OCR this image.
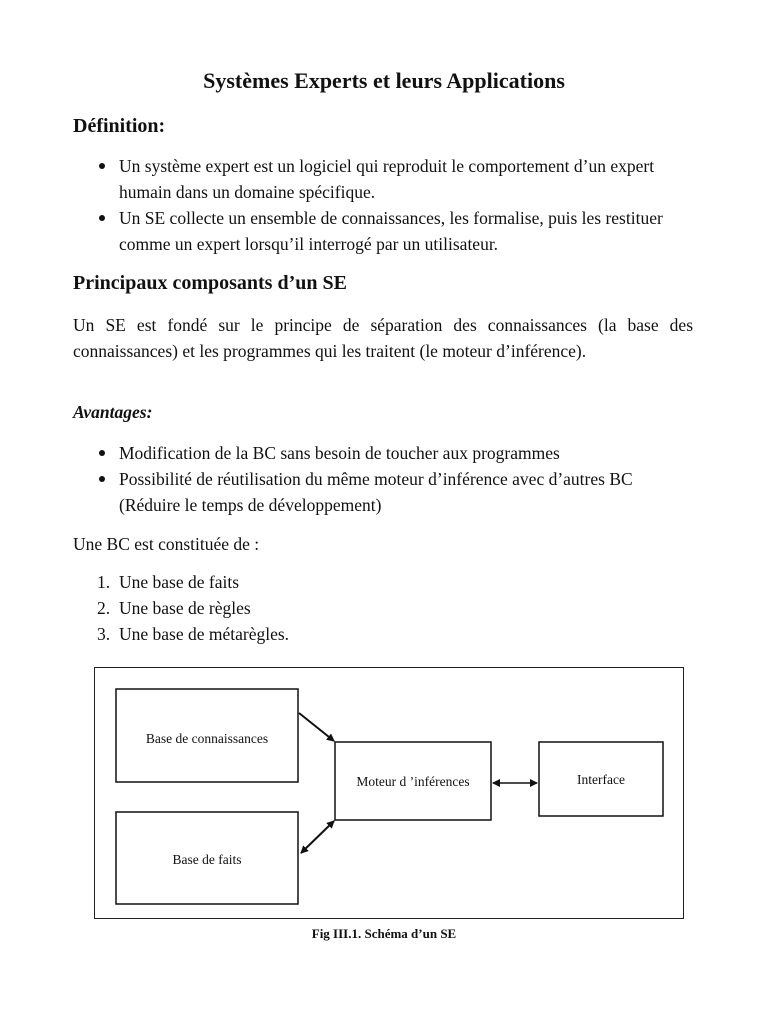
Systèmes Experts et leurs Applications
Définition:
Un système expert est un logiciel qui reproduit le comportement d’un expert humain dans un domaine spécifique.
Un SE collecte un ensemble de connaissances, les formalise, puis les restituer comme un expert lorsqu’il interrogé par un utilisateur.
Principaux composants d’un SE

Un SE est fondé sur le principe de séparation des connaissances (la base des connaissances) et les programmes qui les traitent (le moteur d’inférence).

Avantages:

Modification de la BC sans besoin de toucher aux programmes
Possibilité de réutilisation du même moteur d’inférence avec d’autres BC (Réduire le temps de développement)

Une BC est constituée de :

1. Une base de faits
2. Une base de règles
3. Une base de métarègles.
Base de connaissances
Base de faits
Moteur d ’inférences	Interface

Fig III.1. Schéma d’un SE
